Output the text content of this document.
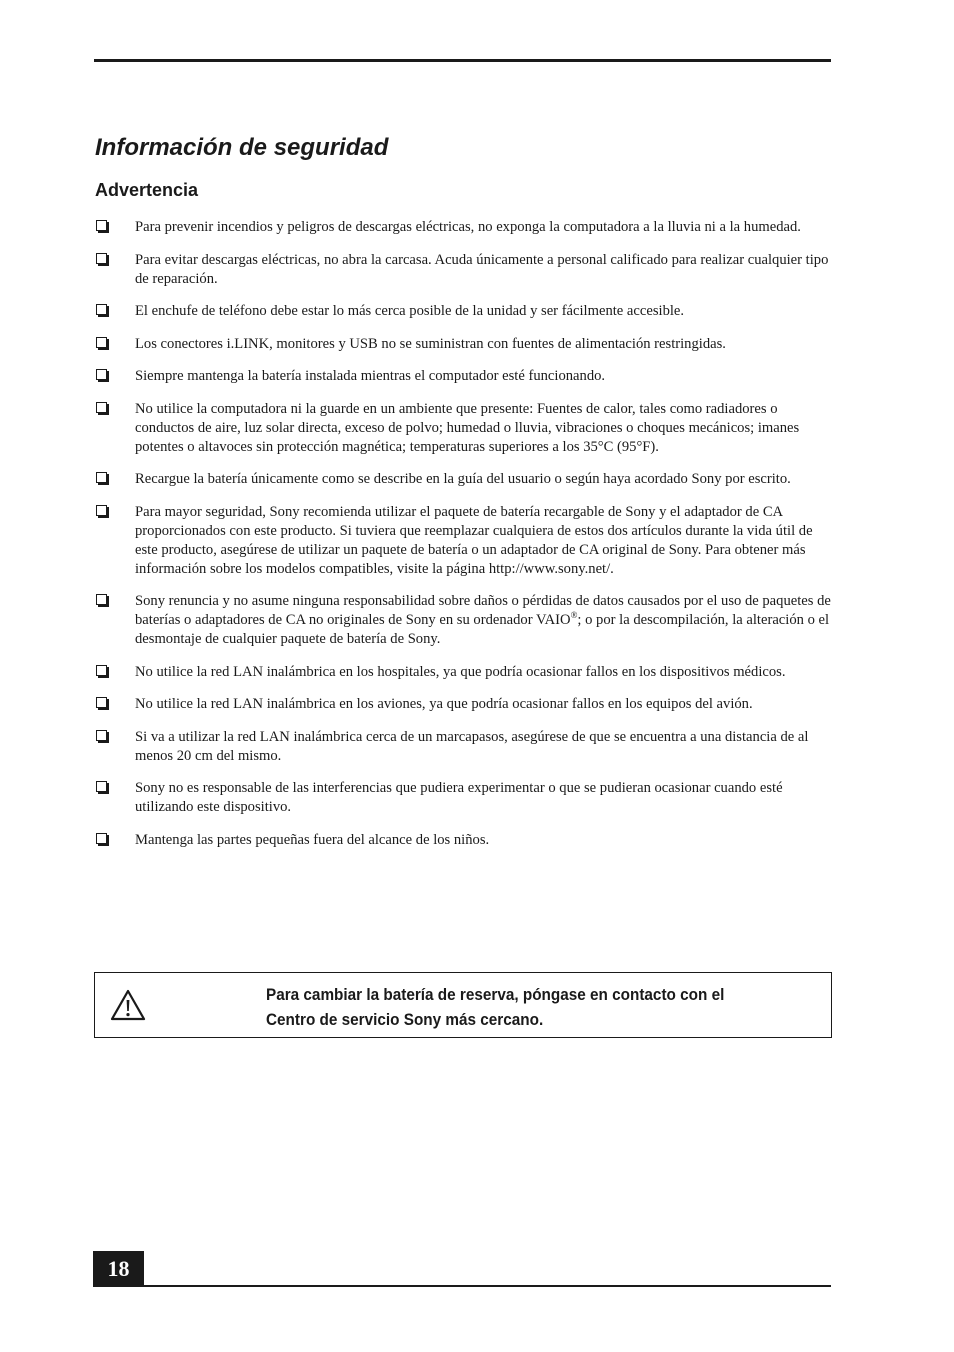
Información de seguridad
Advertencia
Para prevenir incendios y peligros de descargas eléctricas, no exponga la computadora a la lluvia ni a la humedad.
Para evitar descargas eléctricas, no abra la carcasa. Acuda únicamente a personal calificado para realizar cualquier tipo de reparación.
El enchufe de teléfono debe estar lo más cerca posible de la unidad y ser fácilmente accesible.
Los conectores i.LINK, monitores y USB no se suministran con fuentes de alimentación restringidas.
Siempre mantenga la batería instalada mientras el computador esté funcionando.
No utilice la computadora ni la guarde en un ambiente que presente: Fuentes de calor, tales como radiadores o conductos de aire, luz solar directa, exceso de polvo; humedad o lluvia, vibraciones o choques mecánicos; imanes potentes o altavoces sin protección magnética; temperaturas superiores a los 35°C (95°F).
Recargue la batería únicamente como se describe en la guía del usuario o según haya acordado Sony por escrito.
Para mayor seguridad, Sony recomienda utilizar el paquete de batería recargable de Sony y el adaptador de CA proporcionados con este producto. Si tuviera que reemplazar cualquiera de estos dos artículos durante la vida útil de este producto, asegúrese de utilizar un paquete de batería o un adaptador de CA original de Sony. Para obtener más información sobre los modelos compatibles, visite la página http://www.sony.net/.
Sony renuncia y no asume ninguna responsabilidad sobre daños o pérdidas de datos causados por el uso de paquetes de baterías o adaptadores de CA no originales de Sony en su ordenador VAIO®; o por la descompilación, la alteración o el desmontaje de cualquier paquete de batería de Sony.
No utilice la red LAN inalámbrica en los hospitales, ya que podría ocasionar fallos en los dispositivos médicos.
No utilice la red LAN inalámbrica en los aviones, ya que podría ocasionar fallos en los equipos del avión.
Si va a utilizar la red LAN inalámbrica cerca de un marcapasos, asegúrese de que se encuentra a una distancia de al menos 20 cm del mismo.
Sony no es responsable de las interferencias que pudiera experimentar o que se pudieran ocasionar cuando esté utilizando este dispositivo.
Mantenga las partes pequeñas fuera del alcance de los niños.

Para cambiar la batería de reserva, póngase en contacto con el Centro de servicio Sony más cercano.

18
